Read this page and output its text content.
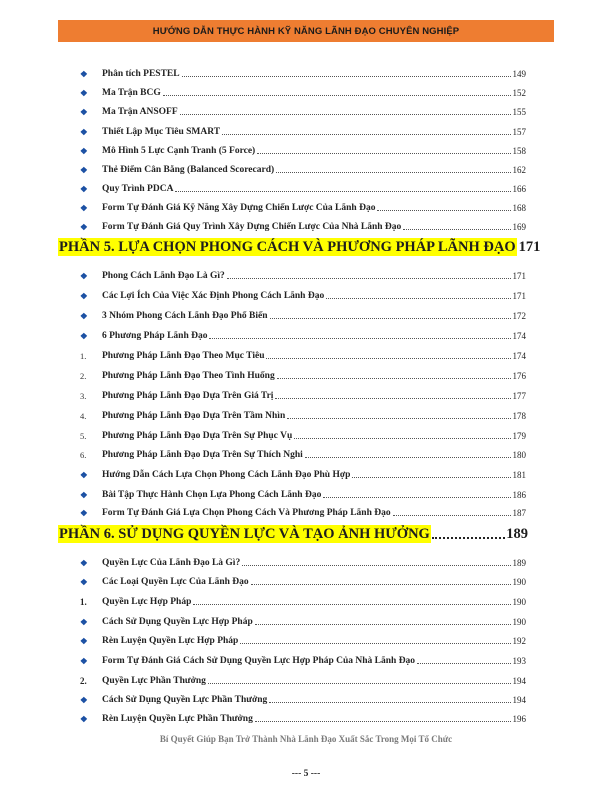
HƯỚNG DẪN THỰC HÀNH KỸ NĂNG LÃNH ĐẠO CHUYÊN NGHIỆP
❖	Phân tích PESTEL	149
❖	Ma Trận BCG	152
❖	Ma Trận ANSOFF	155
❖	Thiết Lập Mục Tiêu SMART	157
❖	Mô Hình 5 Lực Cạnh Tranh (5 Force)	158
❖	Thẻ Điểm Cân Bằng (Balanced Scorecard)	162
❖	Quy Trình PDCA	166
❖	Form Tự Đánh Giá Kỹ Năng Xây Dựng Chiến Lược Của Lãnh Đạo	168
❖	Form Tự Đánh Giá Quy Trình Xây Dựng Chiến Lược Của Nhà Lãnh Đạo	169
PHẦN 5. LỰA CHỌN PHONG CÁCH VÀ PHƯƠNG PHÁP LÃNH ĐẠO 171
❖	Phong Cách Lãnh Đạo Là Gì?	171
❖	Các Lợi Ích Của Việc Xác Định Phong Cách Lãnh Đạo	171
❖	3 Nhóm Phong Cách Lãnh Đạo Phổ Biến	172
❖	6 Phương Pháp Lãnh Đạo	174
1.	Phương Pháp Lãnh Đạo Theo Mục Tiêu	174
2.	Phương Pháp Lãnh Đạo Theo Tình Huống	176
3.	Phương Pháp Lãnh Đạo Dựa Trên Giá Trị	177
4.	Phương Pháp Lãnh Đạo Dựa Trên Tầm Nhìn	178
5.	Phương Pháp Lãnh Đạo Dựa Trên Sự Phục Vụ	179
6.	Phương Pháp Lãnh Đạo Dựa Trên Sự Thích Nghi	180
❖	Hướng Dẫn Cách Lựa Chọn Phong Cách Lãnh Đạo Phù Hợp	181
❖	Bài Tập Thực Hành Chọn Lựa Phong Cách Lãnh Đạo	186
❖	Form Tự Đánh Giá Lựa Chọn Phong Cách Và Phương Pháp Lãnh Đạo	187
PHẦN 6. SỬ DỤNG QUYỀN LỰC VÀ TẠO ẢNH HƯỞNG	189
❖	Quyền Lực Của Lãnh Đạo Là Gì?	189
❖	Các Loại Quyền Lực Của Lãnh Đạo	190
1.	Quyền Lực Hợp Pháp	190
❖	Cách Sử Dụng Quyền Lực Hợp Pháp	190
❖	Rèn Luyện Quyền Lực Hợp Pháp	192
❖	Form Tự Đánh Giá Cách Sử Dụng Quyền Lực Hợp Pháp Của Nhà Lãnh Đạo	193
2.	Quyền Lực Phần Thưởng	194
❖	Cách Sử Dụng Quyền Lực Phần Thưởng	194
❖	Rèn Luyện Quyền Lực Phần Thưởng	196
Bí Quyết Giúp Bạn Trở Thành Nhà Lãnh Đạo Xuất Sắc Trong Mọi Tổ Chức
--- 5 ---
